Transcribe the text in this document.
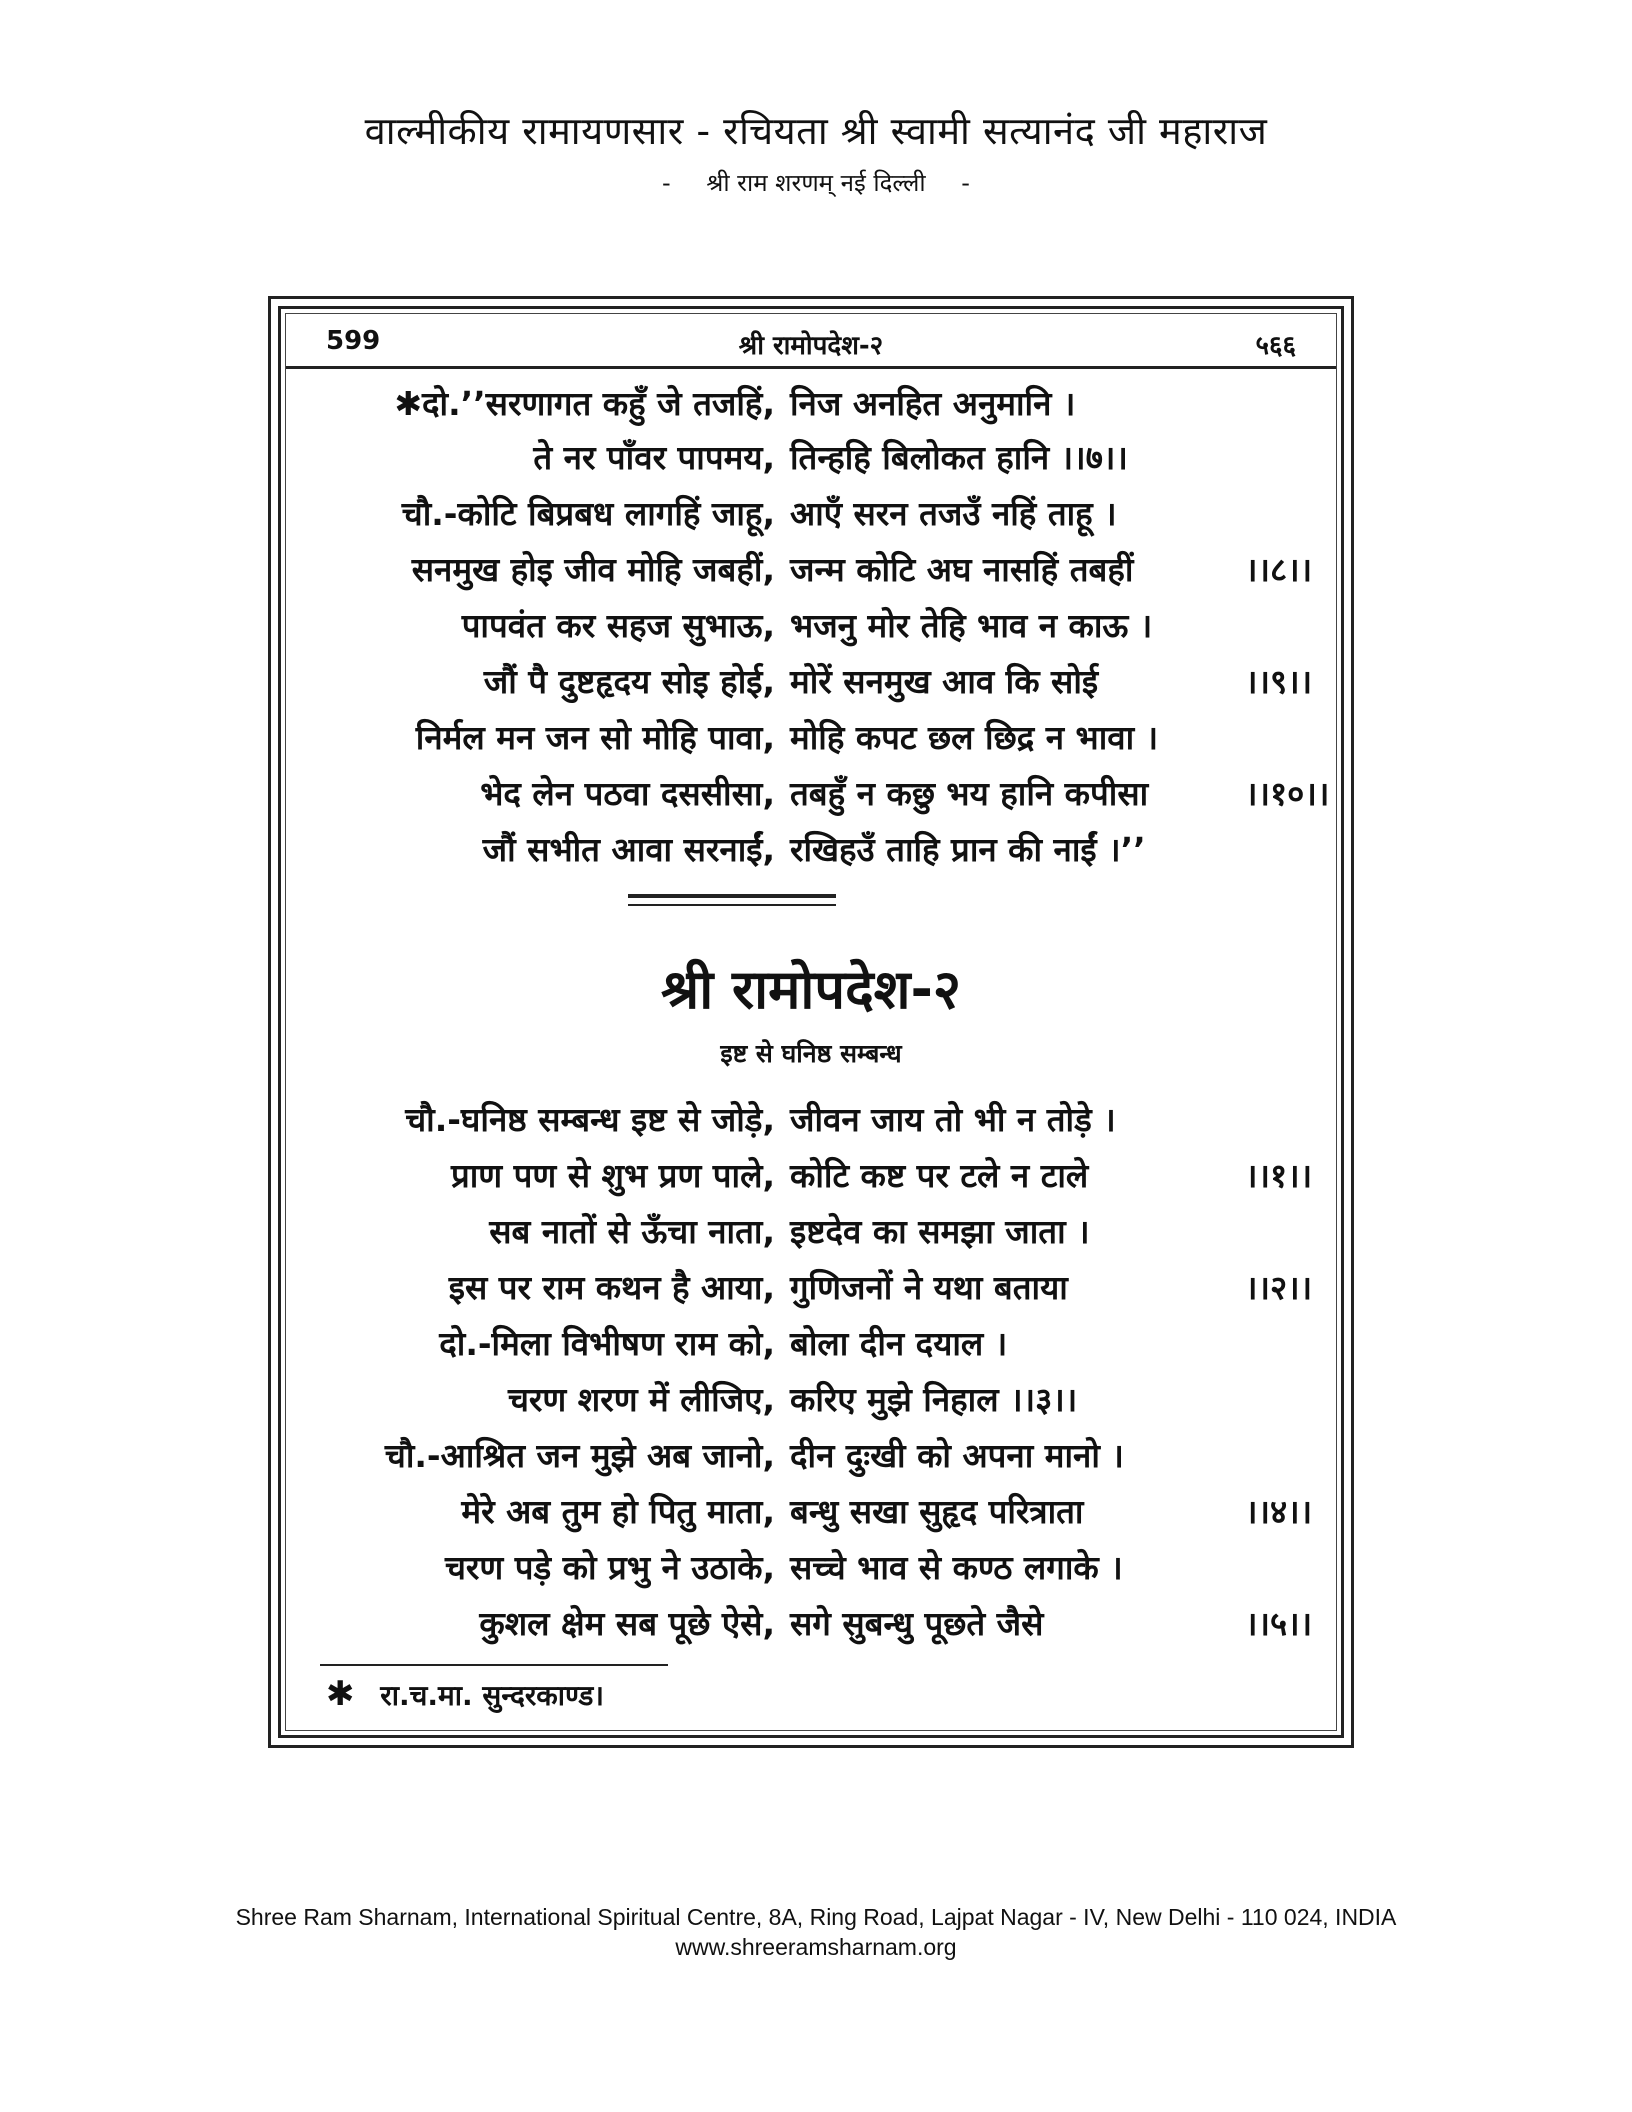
वाल्मीकीय रामायणसार - रचियता श्री स्वामी सत्यानंद जी महाराज
- श्री राम शरणम् नई दिल्ली -
599	श्री रामोपदेश-२	५६६
✱दो.’’सरणागत कहुँ जे तजहिं, निज अनहित अनुमानि ।
ते नर पाँवर पापमय, तिन्हहि बिलोकत हानि ।।७।।
चौ.-कोटि बिप्रबध लागहिं जाहू, आएँ सरन तजउँ नहिं ताहू ।
सनमुख होइ जीव मोहि जबहीं, जन्म कोटि अघ नासहिं तबहीं	।।८।।
पापवंत कर सहज सुभाऊ, भजनु मोर तेहि भाव न काऊ ।
जौं पै दुष्टहृदय सोइ होई, मोरें सनमुख आव कि सोई	।।९।।
निर्मल मन जन सो मोहि पावा, मोहि कपट छल छिद्र न भावा ।
भेद लेन पठवा दससीसा, तबहुँ न कछु भय हानि कपीसा	।।१०।।
जौं सभीत आवा सरनाईं, रखिहउँ ताहि प्रान की नाईं ।’’
श्री रामोपदेश-२
इष्ट से घनिष्ठ सम्बन्ध
चौ.-घनिष्ठ सम्बन्ध इष्ट से जोड़े, जीवन जाय तो भी न तोड़े ।
प्राण पण से शुभ प्रण पाले, कोटि कष्ट पर टले न टाले	।।१।।
सब नातों से ऊँचा नाता, इष्टदेव का समझा जाता ।
इस पर राम कथन है आया, गुणिजनों ने यथा बताया	।।२।।
दो.-मिला विभीषण राम को, बोला दीन दयाल ।
चरण शरण में लीजिए, करिए मुझे निहाल ।।३।।
चौ.-आश्रित जन मुझे अब जानो, दीन दुःखी को अपना मानो ।
मेरे अब तुम हो पितु माता, बन्धु सखा सुहृद परित्राता	।।४।।
चरण पड़े को प्रभु ने उठाके, सच्चे भाव से कण्ठ लगाके ।
कुशल क्षेम सब पूछे ऐसे, सगे सुबन्धु पूछते जैसे	।।५।।
✱ रा.च.मा. सुन्दरकाण्ड।
Shree Ram Sharnam, International Spiritual Centre, 8A, Ring Road, Lajpat Nagar - IV, New Delhi - 110 024, INDIA
www.shreeramsharnam.org
